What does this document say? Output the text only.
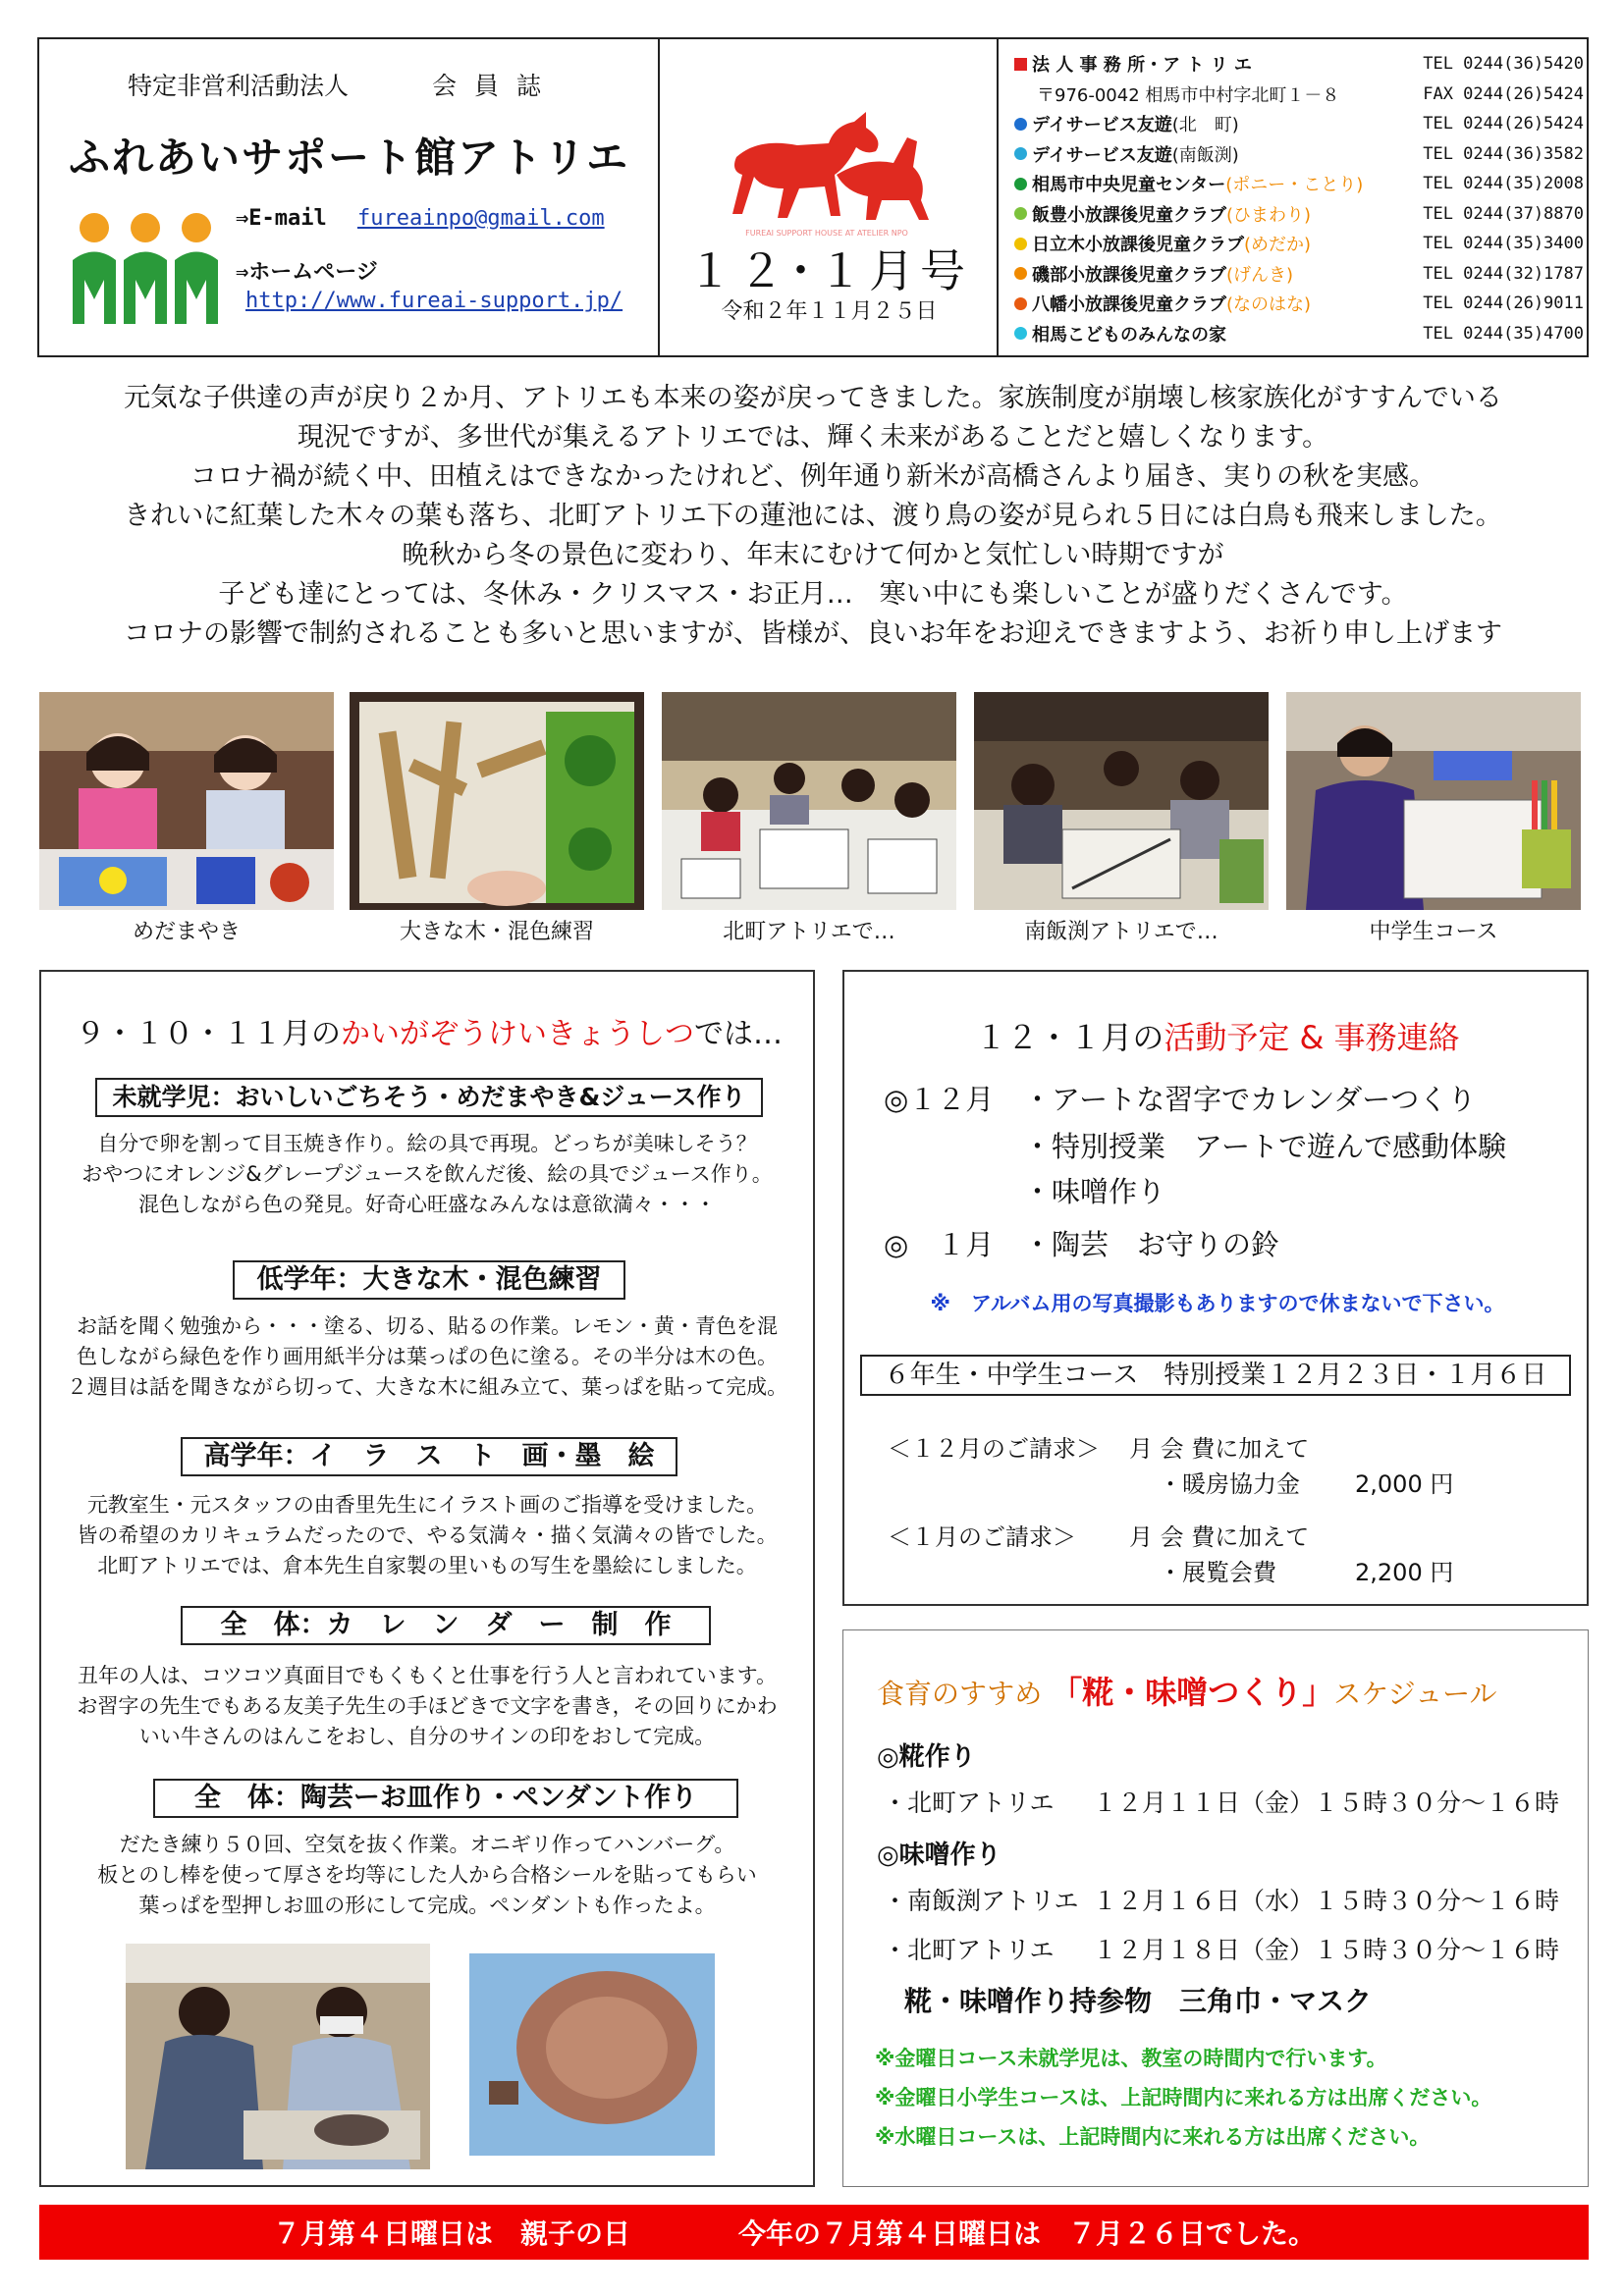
特定非営利活動法人	会員誌
ふれあいサポート館アトリエ
⇒E-mail fureainpo@gmail.com
⇒ホームページ
http://www.fureai-support.jp/
FUREAI SUPPORT HOUSE AT ATELIER NPO
１２･１月号
令和２年１１月２５日
法 人 事 務 所・ア ト リ エ	TEL 0244(36)5420
〒976-0042 相馬市中村字北町１－８	FAX 0244(26)5424
デイサービス友遊(北　町)	TEL 0244(26)5424
デイサービス友遊(南飯渕)	TEL 0244(36)3582
相馬市中央児童センター(ポニー・ことり)	TEL 0244(35)2008
飯豊小放課後児童クラブ(ひまわり)	TEL 0244(37)8870
日立木小放課後児童クラブ(めだか)	TEL 0244(35)3400
磯部小放課後児童クラブ(げんき)	TEL 0244(32)1787
八幡小放課後児童クラブ(なのはな)	TEL 0244(26)9011
相馬こどものみんなの家	TEL 0244(35)4700
元気な子供達の声が戻り２か月、アトリエも本来の姿が戻ってきました。家族制度が崩壊し核家族化がすすんでいる
現況ですが、多世代が集えるアトリエでは、輝く未来があることだと嬉しくなります。
コロナ禍が続く中、田植えはできなかったけれど、例年通り新米が高橋さんより届き、実りの秋を実感。
きれいに紅葉した木々の葉も落ち、北町アトリエ下の蓮池には、渡り鳥の姿が見られ５日には白鳥も飛来しました。
晩秋から冬の景色に変わり、年末にむけて何かと気忙しい時期ですが
子ども達にとっては、冬休み・クリスマス・お正月…　寒い中にも楽しいことが盛りだくさんです。
コロナの影響で制約されることも多いと思いますが、皆様が、良いお年をお迎えできますよう、お祈り申し上げます
めだまやき	大きな木・混色練習	北町アトリエで…	南飯渕アトリエで…	中学生コース
９・１０・１１月のかいがぞうけいきょうしつでは…
未就学児：おいしいごちそう・めだまやき&ジュース作り
自分で卵を割って目玉焼き作り。絵の具で再現。どっちが美味しそう？
おやつにオレンジ&グレープジュースを飲んだ後、絵の具でジュース作り。
混色しながら色の発見。好奇心旺盛なみんなは意欲満々・・・
低学年：大きな木・混色練習
お話を聞く勉強から・・・塗る、切る、貼るの作業。レモン・黄・青色を混
色しながら緑色を作り画用紙半分は葉っぱの色に塗る。その半分は木の色。
２週目は話を聞きながら切って、大きな木に組み立て、葉っぱを貼って完成。
高学年：イ　ラ　ス　ト　画・墨　絵
元教室生・元スタッフの由香里先生にイラスト画のご指導を受けました。
皆の希望のカリキュラムだったので、やる気満々・描く気満々の皆でした。
北町アトリエでは、倉本先生自家製の里いもの写生を墨絵にしました。
全　体：カ　レ　ン　ダ　ー　制　作
丑年の人は、コツコツ真面目でもくもくと仕事を行う人と言われています。
お習字の先生でもある友美子先生の手ほどきで文字を書き，その回りにかわ
いい牛さんのはんこをおし、自分のサインの印をおして完成。
全　体：陶芸ーお皿作り・ペンダント作り
だたき練り５０回、空気を抜く作業。オニギリ作ってハンバーグ。
板とのし棒を使って厚さを均等にした人から合格シールを貼ってもらい
葉っぱを型押しお皿の形にして完成。ペンダントも作ったよ。
１２・１月の活動予定 & 事務連絡
◎１２月 ・アートな習字でカレンダーつくり
・特別授業　アートで遊んで感動体験
・味噌作り
◎　１月 ・陶芸　お守りの鈴
※　アルバム用の写真撮影もありますので休まないで下さい。
６年生・中学生コース　特別授業１２月２３日・１月６日
＜１２月のご請求＞ 月 会 費に加えて
・暖房協力金 2,000 円
＜１月のご請求＞ 月 会 費に加えて
・展覧会費	2,200 円
食育のすすめ 「糀・味噌つくり」スケジュール
◎糀作り
・北町アトリエ １２月１１日（金）１５時３０分～１６時
◎味噌作り
・南飯渕アトリエ １２月１６日（水）１５時３０分～１６時
・北町アトリエ １２月１８日（金）１５時３０分～１６時
糀・味噌作り持参物　三角巾・マスク
※金曜日コース未就学児は、教室の時間内で行います。
※金曜日小学生コースは、上記時間内に来れる方は出席ください。
※水曜日コースは、上記時間内に来れる方は出席ください。
７月第４日曜日は　親子の日	今年の７月第４日曜日は　７月２６日でした。
